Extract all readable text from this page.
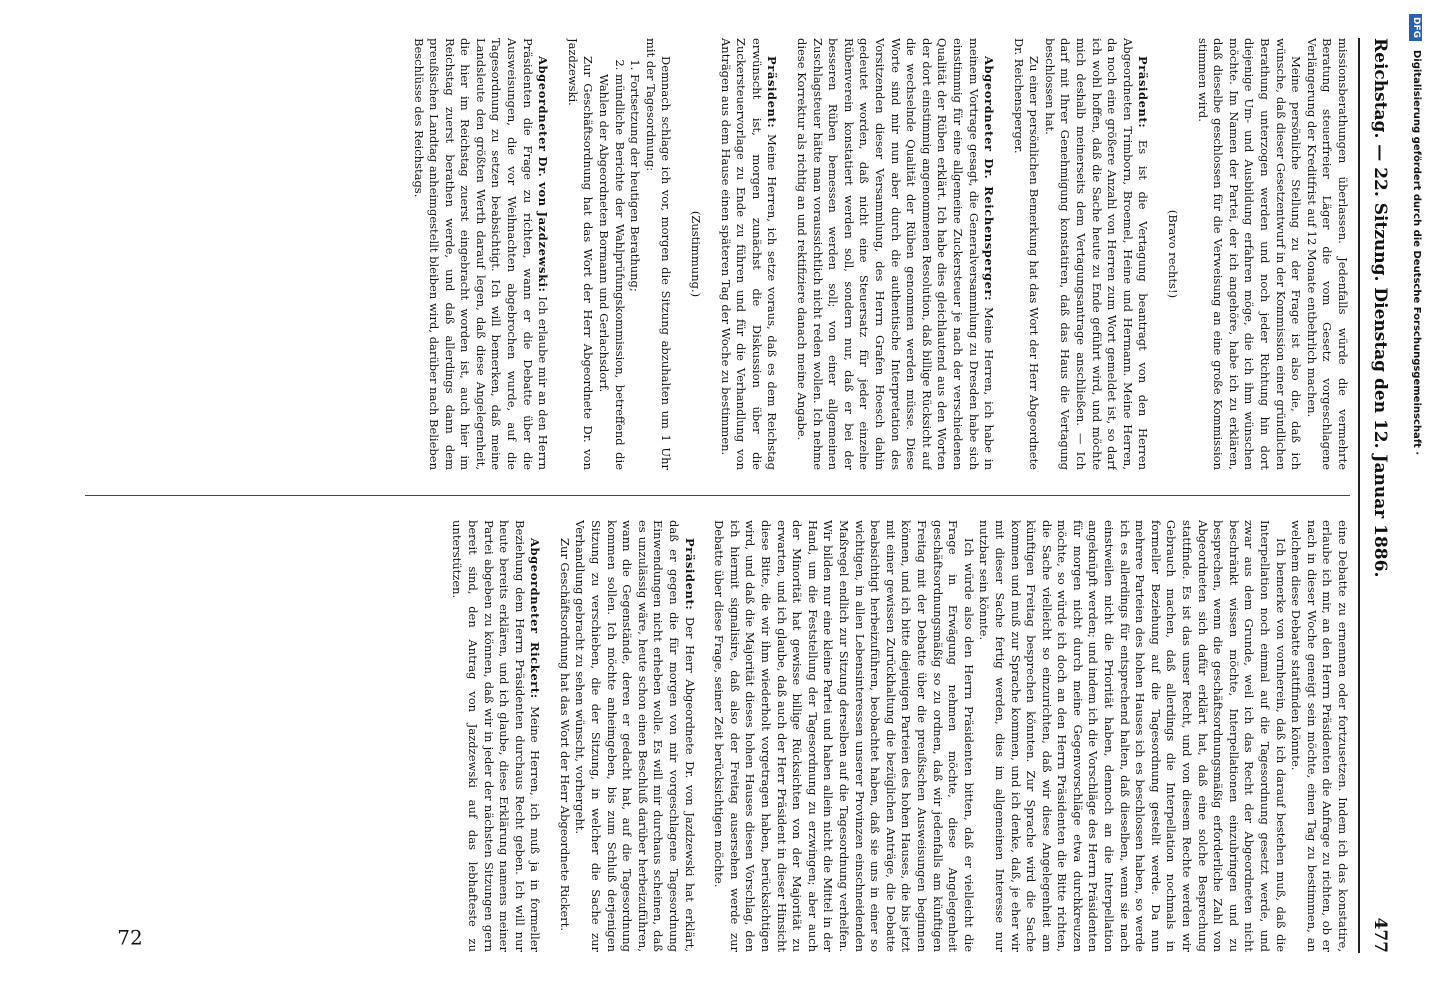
Reichstag. — 22. Sitzung. Dienstag den 12. Januar 1886.
477

missionsberathungen überlassen. Jedenfalls würde die vermehrte Beratung steuerfreier Läger die vom Gesetz vorgeschlagene Verlängerung der Kreditfrist auf 12 Monate entbehrlich machen.

Meine persönliche Stellung zu der Frage ist also die, daß ich wünsche, daß dieser Gesetzentwurf in der Kommission einer gründlichen Berathung unterzogen werden und noch jeder Richtung hin dort diejenige Um- und Ausbildung erfahren möge, die ich ihm wünschen möchte. Im Namen der Partei, der ich angehöre, habe ich zu erklären, daß dieselbe geschlossen für die Verweisung an eine große Kommission stimmen wird.

(Bravo rechts!)

Präsident: Es ist die Vertagung beantragt von den Herren Abgeordneten Trimborn, Broemel, Heine und Hermann. Meine Herren, da noch eine größere Anzahl von Herren zum Wort gemeldet ist, so darf ich wohl hoffen, daß die Sache heute zu Ende geführt wird, und möchte mich deshalb meinerseits dem Vertagungsantrage anschließen. — Ich darf mit Ihrer Genehmigung konstatiren, daß das Haus die Vertagung beschlossen hat.

Zu einer persönlichen Bemerkung hat das Wort der Herr Abgeordnete Dr. Reichensperger.

Abgeordneter Dr. Reichensperger: Meine Herren, ich habe in meinem Vortrage gesagt, die Generalversammlung zu Dresden habe sich einstimmig für eine allgemeine Zuckersteuer je nach der verschiedenen Qualität der Rüben erklärt. Ich habe dies gleichlautend aus den Worten der dort einstimmig angenommenen Resolution, daß billige Rücksicht auf die wechselnde Qualität der Rüben genommen werden müsse. Diese Worte sind mir nun aber durch die authentische Interpretation des Vorsitzenden dieser Versammlung, des Herrn Grafen Hoesch dahin gedeutet worden, daß nicht eine Steuersatz für jeder einzelne Rübenverein konstatiert werden soll, sondern nur, daß er bei der besseren Rüben bemessen werden soll; von einer allgemeinen Zuschlagsteuer hätte man voraussichtlich nicht reden wollen. Ich nehme diese Korrektur als richtig an und rektifiziere danach meine Angabe.

Präsident: Meine Herren, ich setze voraus, daß es dem Reichstag erwünscht ist, morgen zunächst die Diskussion über die Zuckersteuervorlage zu Ende zu führen und für die Verhandlung von Anträgen aus dem Hause einen späteren Tag der Woche zu bestimmen.

(Zustimmung.)

Demnach schlage ich vor, morgen die Sitzung abzuhalten um 1 Uhr mit der Tagesordnung:

1. Fortsetzung der heutigen Berathung;
2. mündliche Berichte der Wahlprüfungskommission, betreffend die Wahlen der Abgeordneten Bormann und Gerlachsdorf.

Zur Geschäftsordnung hat das Wort der Herr Abgeordnete Dr. von Jazdzewski.

Abgeordneter Dr. von Jazdzewski: Ich erlaube mir an den Herrn Präsidenten die Frage zu richten, wann er die Debatte über die Ausweisungen, die vor Weihnachten abgebrochen wurde, auf die Tagesordnung zu setzen beabsichtigt. Ich will bemerken, daß meine Landsleute den größten Werth darauf legen, daß diese Angelegenheit, die hier im Reichstag zuerst eingebracht worden ist, auch hier im Reichstag zuerst berathen werde, und daß allerdings dann dem preußischen Landtag anheimgestellt bleiben wird, darüber nach Belieben Beschlüsse des Reichstags.

eine Debatte zu ernennen oder fortzusetzen. Indem ich das konstatire, erlaube ich mir, an den Herrn Präsidenten die Anfrage zu richten, ob er nach in dieser Woche geneigt sein möchte, einen Tag zu bestimmen, an welchem diese Debatte stattfinden könnte.

Ich bemerke von vornherein, daß ich darauf bestehen muß, daß die Interpellation noch einmal auf die Tagesordnung gesetzt werde, und zwar aus dem Grunde, weil ich das Recht der Abgeordneten nicht beschränkt wissen möchte, Interpellationen einzubringen und zu besprechen, wenn die geschäftsordnungsmäßig erforderliche Zahl von Abgeordneten sich dafür erklärt hat, daß eine solche Besprechung stattfinde. Es ist das unser Recht, und von diesem Rechte werden wir Gebrauch machen, daß allerdings die Interpellation nochmals in formeller Beziehung auf die Tagesordnung gestellt werde. Da nun mehrere Parteien des hohen Hauses ich es beschlossen haben, so werde ich es allerdings für entsprechend halten, daß dieselben, wenn sie nach einstweilen nicht die Priorität haben, dennoch an die Interpellation angeknüpft werden; und indem ich die Vorschläge des Herrn Präsidenten für morgen nicht durch meine Gegenvorschläge etwa durchkreuzen möchte, so würde ich doch an den Herrn Präsidenten die Bitte richten, die Sache vielleicht so einzurichten, daß wir diese Angelegenheit am künftigen Freitag besprechen könnten. Zur Sprache wird die Sache kommen und muß zur Sprache kommen, und ich denke, daß, je eher wir mit dieser Sache fertig werden, dies im allgemeinen Interesse nur nutzbar sein könnte.

Ich würde also den Herrn Präsidenten bitten, daß er vielleicht die Frage in Erwägung nehmen möchte, diese Angelegenheit geschäftsordnungsmäßig so zu ordnen, daß wir jedenfalls am künftigen Freitag mit der Debatte über die preußischen Ausweisungen beginnen können, und ich bitte diejenigen Parteien des hohen Hauses, die bis jetzt mit einer gewissen Zurückhaltung die bezüglichen Anträge, die Debatte beabsichtigt herbeizuführen, beobachtet haben, daß sie uns in einer so wichtigen, in allen Lebensinteressen unserer Provinzen einschneidenden Maßregel endlich zur Sitzung derselben auf die Tagesordnung verhelfen. Wir bilden nur eine kleine Partei und haben allein nicht die Mittel in der Hand, um die Feststellung der Tagesordnung zu erzwingen; aber auch der Minorität hat gewisse billige Rücksichten von der Majorität zu erwarten, und ich glaube, daß auch der Herr Präsident in dieser Hinsicht diese Bitte, die wir ihm wiederholt vorgetragen haben, berücksichtigen wird, und daß die Majorität dieses hohen Hauses diesen Vorschlag, den ich hiermit signalisire, daß also der Freitag ausersehen werde zur Debatte über diese Frage, seiner Zeit berücksichtigen möchte.

Präsident: Der Herr Abgeordnete Dr. von Jazdzewski hat erklärt, daß er gegen die für morgen von mir vorgeschlagene Tagesordnung Einwendungen nicht erheben wolle. Es will mir durchaus scheinen, daß es unzulässig wäre, heute schon einen Beschluß darüber herbeizuführen, wann die Gegenstände, deren er gedacht hat, auf die Tagesordnung kommen sollen. Ich möchte anheimgeben, bis zum Schluß derjenigen Sitzung zu verschieben, die der Sitzung, in welcher die Sache zur Verhandlung gebracht zu sehen wünscht, vorhergeht.

Zur Geschäftsordnung hat das Wort der Herr Abgeordnete Rickert.

Abgeordneter Rickert: Meine Herren, ich muß ja in formeller Beziehung dem Herrn Präsidenten durchaus Recht geben. Ich will nur heute bereits erklären, und ich glaube, diese Erklärung namens meiner Partei abgeben zu können, daß wir in jeder der nächsten Sitzungen gern bereit sind, den Antrag von Jazdzewski auf das lebhafteste zu unterstützen.

72
DFG
Digitalisierung gefördert durch die Deutsche Forschungsgemeinschaft ·
